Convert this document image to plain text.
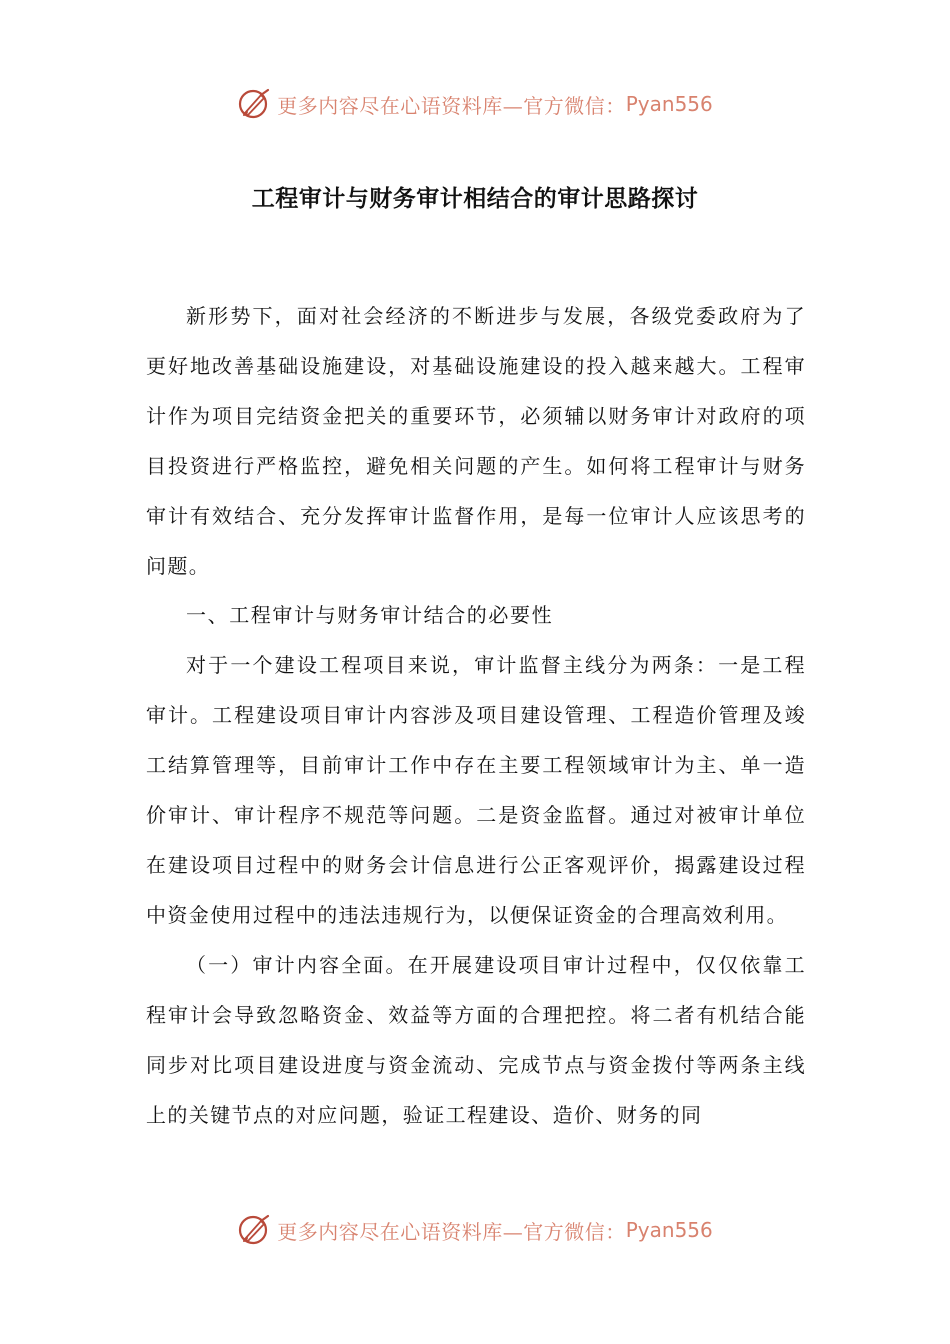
更多内容尽在心语资料库—官方微信： Pyan556
工程审计与财务审计相结合的审计思路探讨

新形势下，面对社会经济的不断进步与发展，各级党委政府为了更好地改善基础设施建设，对基础设施建设的投入越来越大。工程审计作为项目完结资金把关的重要环节，必须辅以财务审计对政府的项目投资进行严格监控，避免相关问题的产生。如何将工程审计与财务审计有效结合、充分发挥审计监督作用，是每一位审计人应该思考的问题。

一、工程审计与财务审计结合的必要性

对于一个建设工程项目来说，审计监督主线分为两条：一是工程审计。工程建设项目审计内容涉及项目建设管理、工程造价管理及竣工结算管理等，目前审计工作中存在主要工程领域审计为主、单一造价审计、审计程序不规范等问题。二是资金监督。通过对被审计单位在建设项目过程中的财务会计信息进行公正客观评价，揭露建设过程中资金使用过程中的违法违规行为，以便保证资金的合理高效利用。

（一）审计内容全面。在开展建设项目审计过程中，仅仅依靠工程审计会导致忽略资金、效益等方面的合理把控。将二者有机结合能同步对比项目建设进度与资金流动、完成节点与资金拨付等两条主线上的关键节点的对应问题，验证工程建设、造价、财务的同

更多内容尽在心语资料库—官方微信： Pyan556
